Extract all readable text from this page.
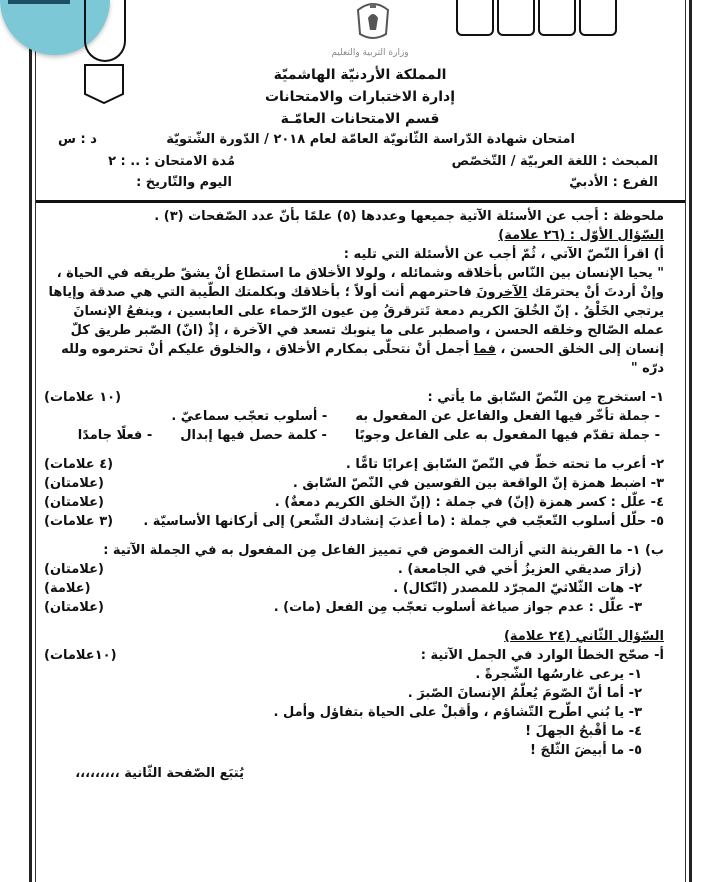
وزارة التربية والتعليم
المملكة الأردنيّة الهاشميّة
إدارة الاختبارات والامتحانات
قسم الامتحانات العامّـة
امتحان شهادة الدّراسة الثّانويّة العامّة لعام ٢٠١٨ / الدّورة الشّتويّة
د : س
المبحث : اللغة العربيّة / التّخصّص
مُدة الامتحان : .. : ٢
الفرع : الأدبيّ
اليوم والتّاريخ :
ملحوظة : أجب عن الأسئلة الآتية جميعها وعددها (٥) علمًا بأنّ عدد الصّفحات (٣) .
السّؤال الأوّل : (٢٦ علامة)
أ) اقرأ النّصّ الآتي ، ثُمّ أجب عن الأسئلة التي تليه :
" يحيا الإنسان بين النّاس بأخلاقه وشمائله ، ولولا الأخلاق ما استطاع أنْ يشقّ طريقه في الحياة ، وإنْ أردتَ أنْ يحترمَك الآخرونَ فاحترمهم أنت أولاً ؛ بأخلاقك وبكلمتك الطّيبة التي هي صدقة وإياها يرتجي الخَلْقُ . إنّ الخُلقَ الكريم دمعة تَترقرقُ مِن عيون الرّحماء على العابسين ، وينفعُ الإنسانَ عمله الصّالح وخلقه الحسن ، واصطبر على ما ينوبك تسعد في الآخرة ، إذْ (انّ) الصّبر طريق كلّ إنسان إلى الخلق الحسن ، فما أجمل أنْ نتحلّى بمكارم الأخلاق ، والخلوق عليكم أنْ تحترموه ولله درّه "
١- استخرج مِن النّصّ السّابق ما يأتي :
(١٠ علامات)
- جملة تأخّر فيها الفعل والفاعل عن المفعول به
- أسلوب تعجّب سماعيّ .
- جملة تقدّم فيها المفعول به على الفاعل وجوبًا
- كلمة حصل فيها إبدال
- فعلًا جامدًا
٢- أعرب ما تحته خطّ في النّصّ السّابق إعرابًا تامًّا .
(٤ علامات)
٣- اضبط همزة إنّ الواقعة بين القوسين في النّصّ السّابق .
(علامتان)
٤- علّل : كسر همزة (إنّ) في جملة : (إنّ الخلق الكريم دمعةٌ) .
(علامتان)
٥- حلّل أسلوب التّعجّب في جملة : (ما أعذبَ إنشادك الشّعر) إلى أركانها الأساسيّة .
(٣ علامات)
ب) ١- ما القرينة التي أزالت الغموض في تمييز الفاعل مِن المفعول به في الجملة الآتية :
(زارَ صديقي العزيزُ أخي في الجامعة) .
(علامتان)
٢- هات الثّلاثيّ المجرّد للمصدر (اتّكال) .
(علامة)
٣- علّل : عدم جواز صياغة أسلوب تعجّب مِن الفعل (مات) .
(علامتان)
السّؤال الثّاني (٢٤ علامة)
أ- صحّح الخطأ الوارد في الجمل الآتية :
(١٠علامات)
١- يرعى غارسُها الشّجرةً .
٢- أما أنّ الصّومَ يُعلّمُ الإنسانَ الصّبرَ .
٣- يا بُني اطّرح التّشاؤم ، وأقبلْ على الحياة بتفاؤل وأمل .
٤- ما أقْبحُ الجهلَ !
٥- ما أبيضَ الثّلجَ !
يُتبَع الصّفحة الثّانية ،،،،،،،،،
